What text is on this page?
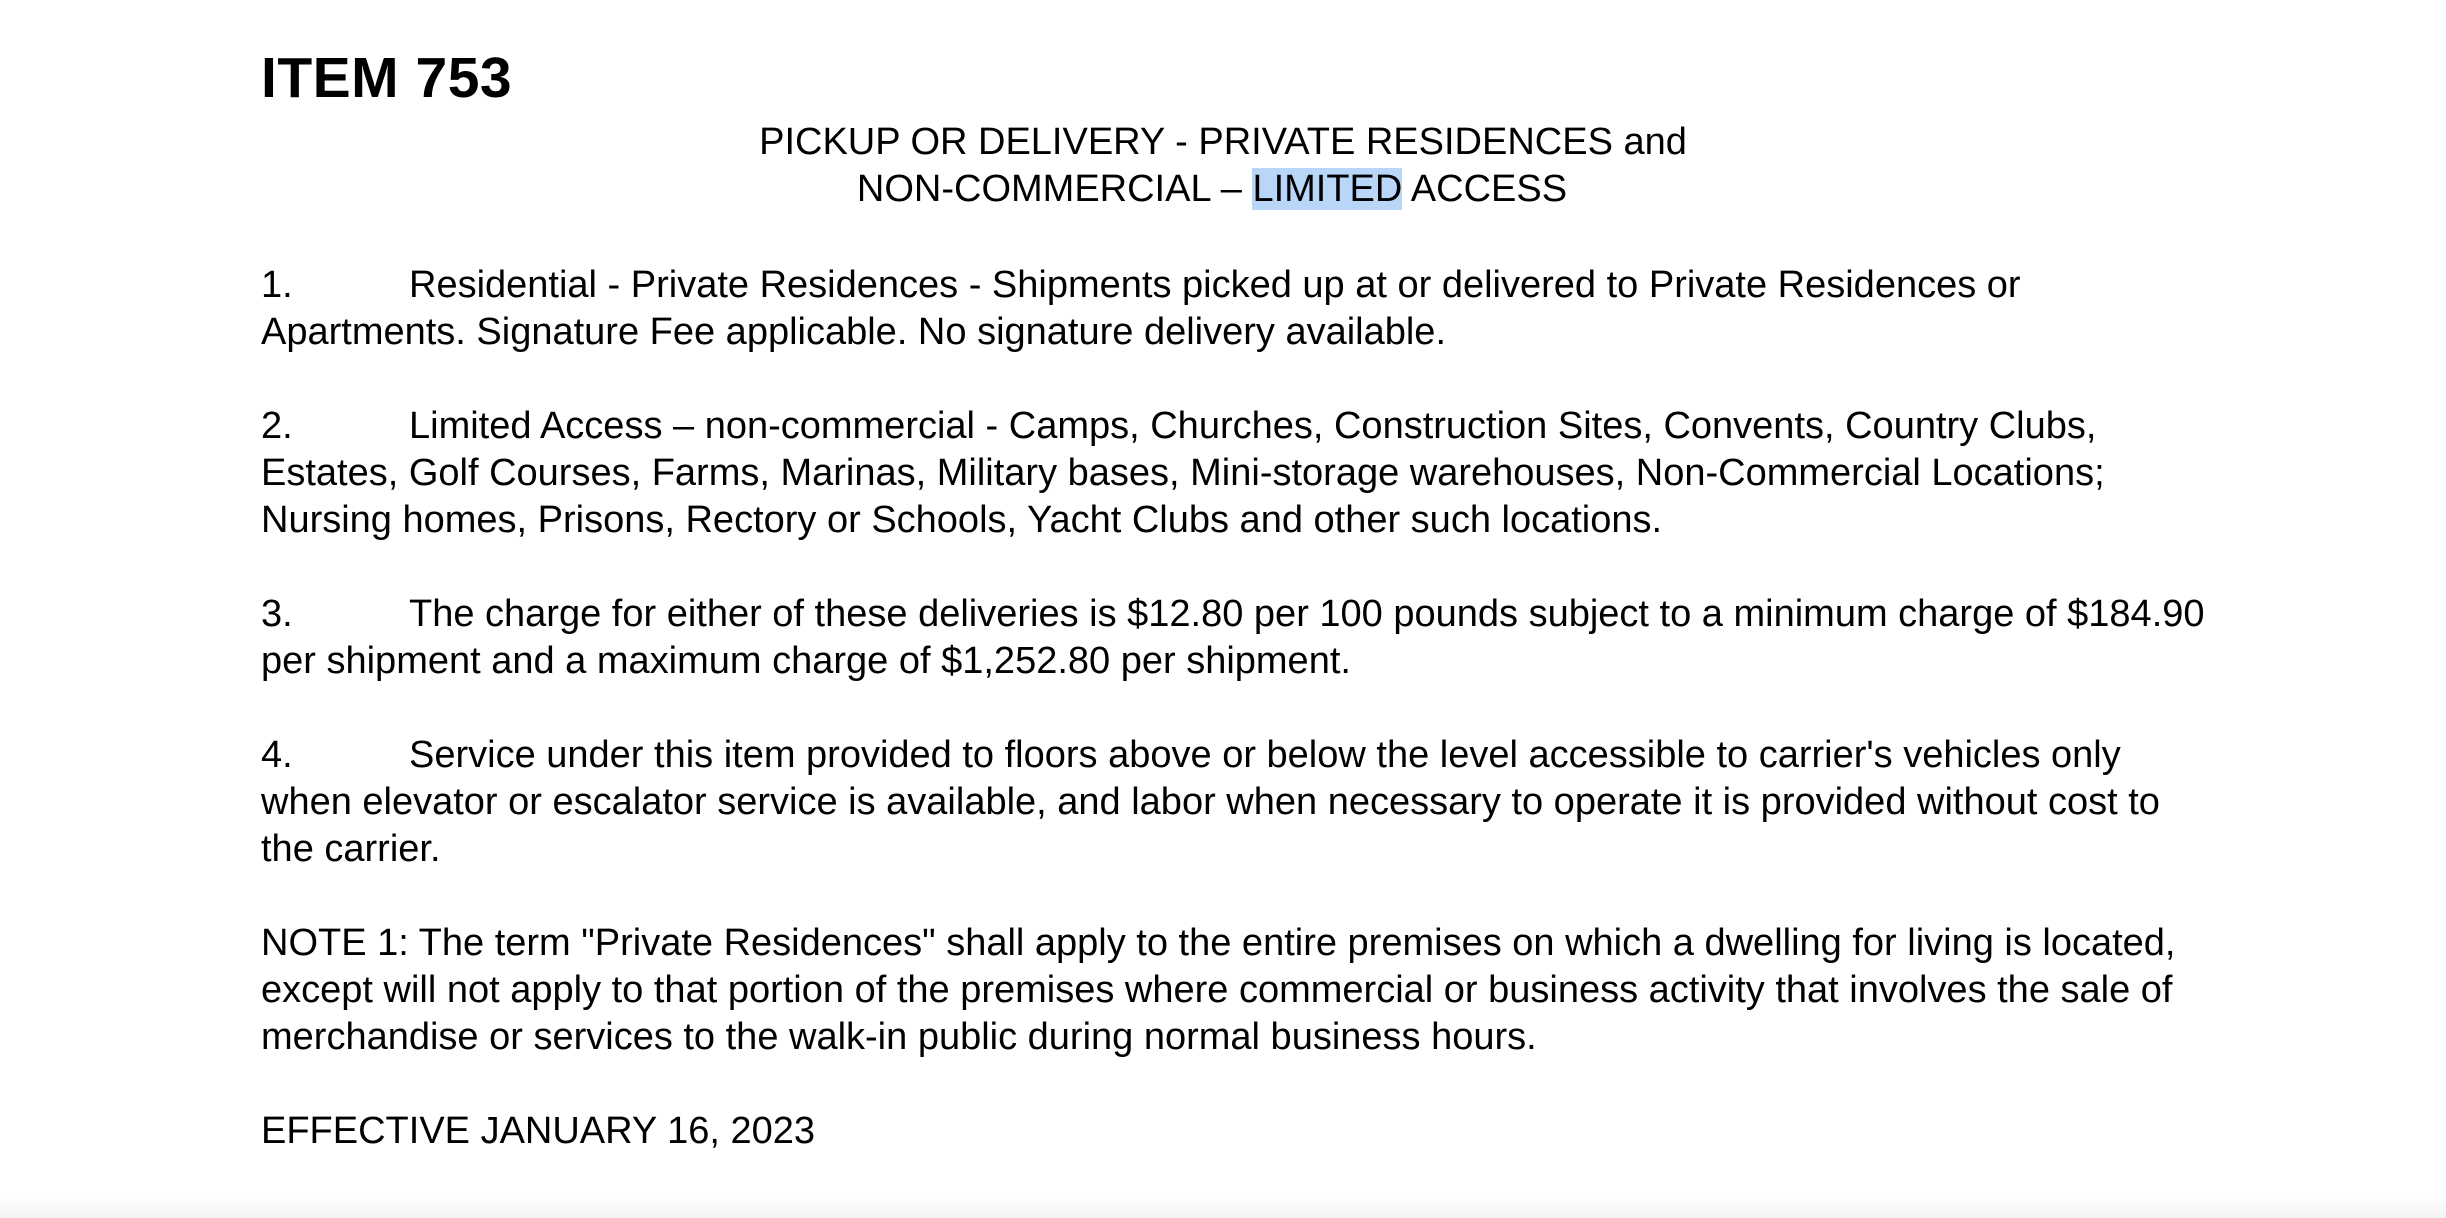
ITEM 753
PICKUP OR DELIVERY - PRIVATE RESIDENCES and
NON-COMMERCIAL – LIMITED ACCESS

1.	Residential - Private Residences - Shipments picked up at or delivered to Private Residences or Apartments. Signature Fee applicable. No signature delivery available.

2.	Limited Access – non-commercial - Camps, Churches, Construction Sites, Convents, Country Clubs, Estates, Golf Courses, Farms, Marinas, Military bases, Mini-storage warehouses, Non-Commercial Locations; Nursing homes, Prisons, Rectory or Schools, Yacht Clubs and other such locations.

3.	The charge for either of these deliveries is $12.80 per 100 pounds subject to a minimum charge of $184.90 per shipment and a maximum charge of $1,252.80 per shipment.

4.	Service under this item provided to floors above or below the level accessible to carrier's vehicles only when elevator or escalator service is available, and labor when necessary to operate it is provided without cost to the carrier.

NOTE 1: The term "Private Residences" shall apply to the entire premises on which a dwelling for living is located, except will not apply to that portion of the premises where commercial or business activity that involves the sale of merchandise or services to the walk-in public during normal business hours.

EFFECTIVE JANUARY 16, 2023
